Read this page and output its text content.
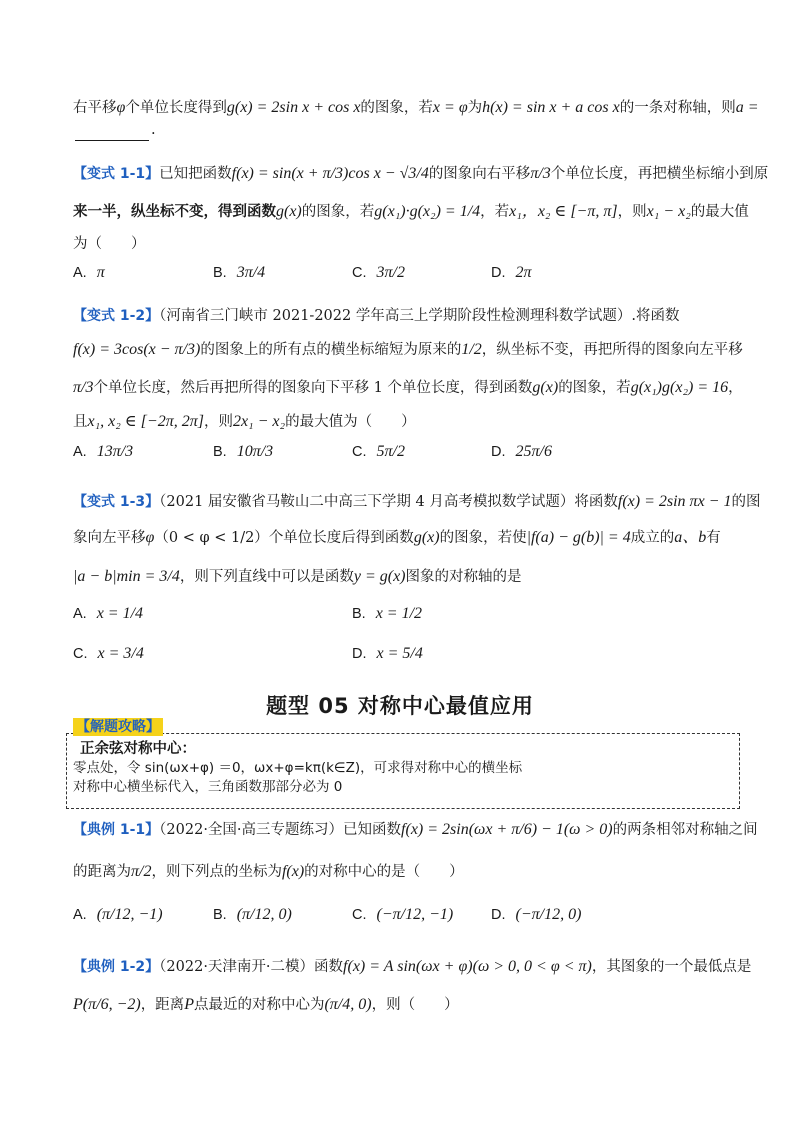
右平移φ个单位长度得到g(x) = 2sin x + cos x的图象，若x = φ为h(x) = sin x + a cos x的一条对称轴，则a =
.
【变式 1-1】已知把函数f(x) = sin(x + π/3)cos x − √3/4的图象向右平移π/3个单位长度，再把横坐标缩小到原
来一半，纵坐标不变，得到函数g(x)的图象，若g(x₁)·g(x₂) = 1/4，若x₁，x₂ ∈ [−π, π]，则x₁ − x₂的最大值
为（　　）
A. π	B. 3π/4	C. 3π/2	D. 2π
【变式 1-2】（河南省三门峡市 2021-2022 学年高三上学期阶段性检测理科数学试题）.将函数
f(x) = 3cos(x − π/3)的图象上的所有点的横坐标缩短为原来的1/2，纵坐标不变，再把所得的图象向左平移
π/3个单位长度，然后再把所得的图象向下平移 1 个单位长度，得到函数g(x)的图象，若g(x₁)g(x₂) = 16，
且x₁, x₂ ∈ [−2π, 2π]，则2x₁ − x₂的最大值为（　　）
A. 13π/3	B. 10π/3	C. 5π/2	D. 25π/6
【变式 1-3】（2021 届安徽省马鞍山二中高三下学期 4 月高考模拟数学试题）将函数f(x) = 2sin πx − 1的图
象向左平移φ（0 < φ < 1/2）个单位长度后得到函数g(x)的图象，若使|f(a) − g(b)| = 4成立的a、b有
|a − b|min = 3/4，则下列直线中可以是函数y = g(x)图象的对称轴的是
A. x = 1/4	B. x = 1/2
C. x = 3/4	D. x = 5/4
题型 05 对称中心最值应用
【解题攻略】
正余弦对称中心：
零点处，令 sin(ωx+φ) ＝0，ωx+φ=kπ(k∈Z)，可求得对称中心的横坐标
对称中心横坐标代入，三角函数那部分必为 0
【典例 1-1】（2022·全国·高三专题练习）已知函数f(x) = 2sin(ωx + π/6) − 1(ω > 0)的两条相邻对称轴之间
的距离为π/2，则下列点的坐标为f(x)的对称中心的是（　　）
A. (π/12, −1)	B. (π/12, 0)	C. (−π/12, −1)	D. (−π/12, 0)
【典例 1-2】（2022·天津南开·二模）函数f(x) = A sin(ωx + φ)(ω > 0, 0 < φ < π)，其图象的一个最低点是
P(π/6, −2)，距离P点最近的对称中心为(π/4, 0)，则（　　）
